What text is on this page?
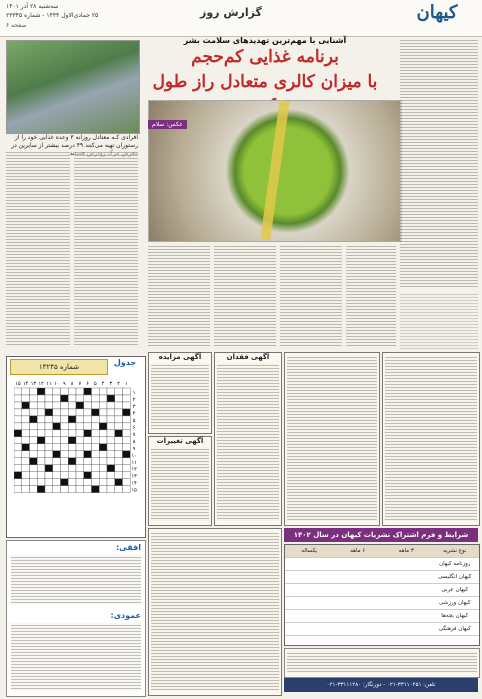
کیهان
گزارش روز
سه‌شنبه ۲۸ آذر ۱۴۰۱
۲۵ جمادی‌الاول ۱۴۴۴ - شماره ۲۳۳۴۵
صفحه ۶
افرادی کـه معتادل روزانه ۳ وعده غذایی خود را از رستوران تهیه می‌کنند ۴۹ درصد بیشتر از سایرین در
آشنایی با مهم‌ترین تهدیدهای سلامت بشر
برنامه غذایی کم‌حجم
با میزان کالری متعادل راز طول
عکس: سلام
شماره ۱۳۲۴۵	جدول
۱۵ ۱۴ ۱۳ ۱۲ ۱۱ ۱۰ ۹ ۸ ۷ ۶ ۵ ۴ ۳ ۲ ۱
۱
۲
۳
۴
۵
۶
۷
۸
۹
۱۰
۱۱
۱۲
۱۳
۱۴
۱۵
افقی:
عمودی:
آگهی مزایده
آگهی تغییرات
آگهی فقدان
شرایط و فرم اشتراک نشریات کیهان در سال ۱۴۰۲
نوع نشریه
۳ ماهه
۶ ماهه
یکساله
روزنامه کیهان
کیهان انگلیسی
کیهان عربی
کیهان ورزشی
کیهان بچه‌ها
کیهان فرهنگی
تلفن: ۳۳۱۱۰۲۵۱-۰۲۱ - دورنگار: ۳۳۱۱۱۲۸۰-۰۲۱
